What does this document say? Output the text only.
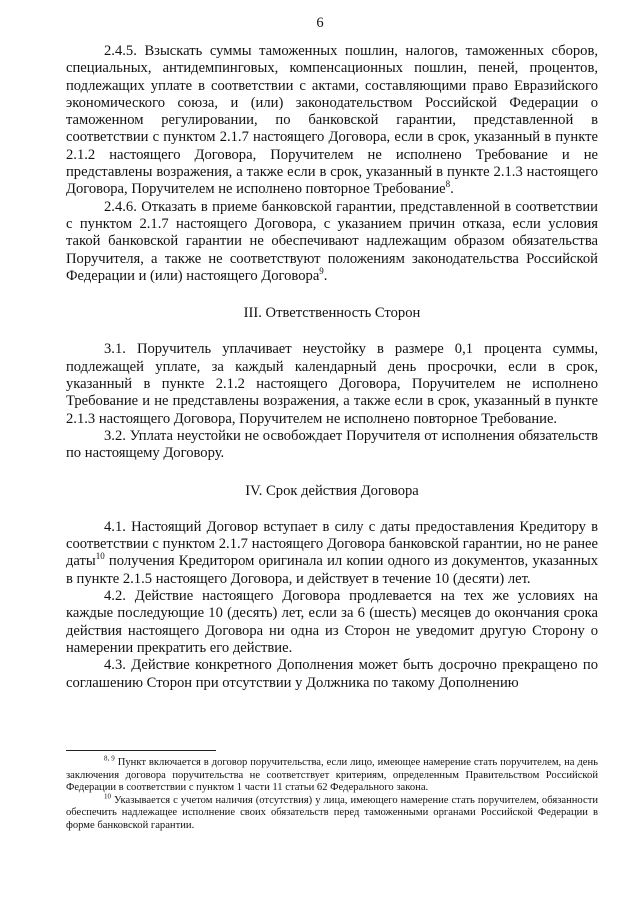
6

2.4.5. Взыскать суммы таможенных пошлин, налогов, таможенных сборов, специальных, антидемпинговых, компенсационных пошлин, пеней, процентов, подлежащих уплате в соответствии с актами, составляющими право Евразийского экономического союза, и (или) законодательством Российской Федерации о таможенном регулировании, по банковской гарантии, представленной в соответствии с пунктом 2.1.7 настоящего Договора, если в срок, указанный в пункте 2.1.2 настоящего Договора, Поручителем не исполнено Требование и не представлены возражения, а также если в срок, указанный в пункте 2.1.3 настоящего Договора, Поручителем не исполнено повторное Требование$^8$.

2.4.6. Отказать в приеме банковской гарантии, представленной в соответствии с пунктом 2.1.7 настоящего Договора, с указанием причин отказа, если условия такой банковской гарантии не обеспечивают надлежащим образом обязательства Поручителя, а также не соответствуют положениям законодательства Российской Федерации и (или) настоящего Договора$^9$.

III. Ответственность Сторон

3.1. Поручитель уплачивает неустойку в размере 0,1 процента суммы, подлежащей уплате, за каждый календарный день просрочки, если в срок, указанный в пункте 2.1.2 настоящего Договора, Поручителем не исполнено Требование и не представлены возражения, а также если в срок, указанный в пункте 2.1.3 настоящего Договора, Поручителем не исполнено повторное Требование.

3.2. Уплата неустойки не освобождает Поручителя от исполнения обязательств по настоящему Договору.

IV. Срок действия Договора

4.1. Настоящий Договор вступает в силу с даты предоставления Кредитору в соответствии с пунктом 2.1.7 настоящего Договора банковской гарантии, но не ранее даты$^{10}$ получения Кредитором оригинала ил копии одного из документов, указанных в пункте 2.1.5 настоящего Договора, и действует в течение 10 (десяти) лет.

4.2. Действие настоящего Договора продлевается на тех же условиях на каждые последующие 10 (десять) лет, если за 6 (шесть) месяцев до окончания срока действия настоящего Договора ни одна из Сторон не уведомит другую Сторону о намерении прекратить его действие.

4.3. Действие конкретного Дополнения может быть досрочно прекращено по соглашению Сторон при отсутствии у Должника по такому Дополнению

$^{8, 9}$ Пункт включается в договор поручительства, если лицо, имеющее намерение стать поручителем, на день заключения договора поручительства не соответствует критериям, определенным Правительством Российской Федерации в соответствии с пунктом 1 части 11 статьи 62 Федерального закона.

$^{10}$ Указывается с учетом наличия (отсутствия) у лица, имеющего намерение стать поручителем, обязанности обеспечить надлежащее исполнение своих обязательств перед таможенными органами Российской Федерации в форме банковской гарантии.
